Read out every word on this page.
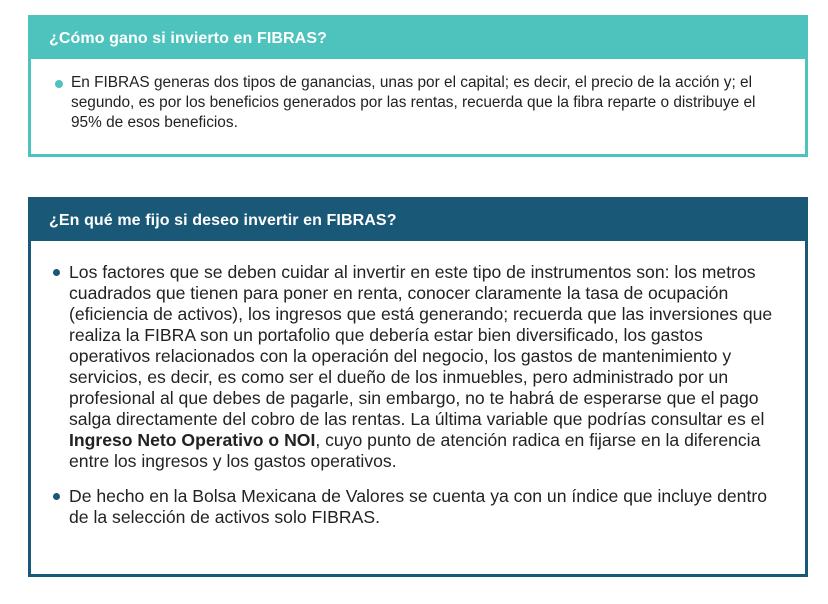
¿Cómo gano si invierto en FIBRAS?
En FIBRAS generas dos tipos de ganancias, unas por el capital; es decir, el precio de la acción y; el segundo, es por los beneficios generados por las rentas, recuerda que la fibra reparte o distribuye el 95% de esos beneficios.
¿En qué me fijo si deseo invertir en FIBRAS?
Los factores que se deben cuidar al invertir en este tipo de instrumentos son: los metros cuadrados que tienen para poner en renta, conocer claramente la tasa de ocupación (eficiencia de activos), los ingresos que está generando; recuerda que las inversiones que realiza la FIBRA son un portafolio que debería estar bien diversificado, los gastos operativos relacionados con la operación del negocio, los gastos de mantenimiento y servicios, es decir, es como ser el dueño de los inmuebles, pero administrado por un profesional al que debes de pagarle, sin embargo, no te habrá de esperarse que el pago salga directamente del cobro de las rentas. La última variable que podrías consultar es el Ingreso Neto Operativo o NOI, cuyo punto de atención radica en fijarse en la diferencia entre los ingresos y los gastos operativos.
De hecho en la Bolsa Mexicana de Valores se cuenta ya con un índice que incluye dentro de la selección de activos solo FIBRAS.
